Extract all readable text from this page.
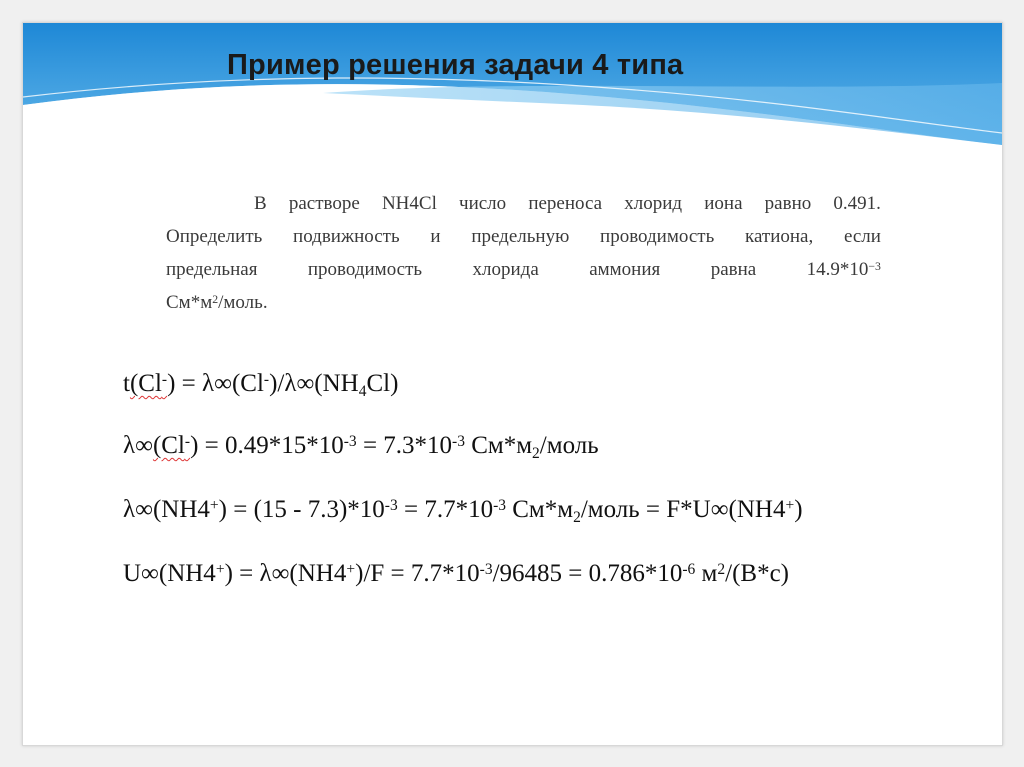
Пример решения задачи 4 типа
В растворе NH4Cl число переноса хлорид иона равно 0.491.
Определить подвижность и предельную проводимость катиона, если
предельная	проводимость	хлорида	аммония	равна	$14.9*10^{-3}$
$См*м^2$/моль.
$t(Cl^-) = \lambda\infty(Cl^-)/\lambda\infty(NH_4Cl)$
$\lambda\infty(Cl^-) = 0.49*15*10^{-3} = 7.3*10^{-3}$ $См*м_2$/моль
$\lambda\infty(NH4^+) = (15 - 7.3)*10^{-3} = 7.7*10^{-3}$ $См*м_2$/моль = F*U∞(NH4+)
$U\infty(NH4^+) = \lambda\infty(NH4^+)/F = 7.7*10^{-3}/96485 = 0.786*10^{-6}$ $м^2/(В*с)$
